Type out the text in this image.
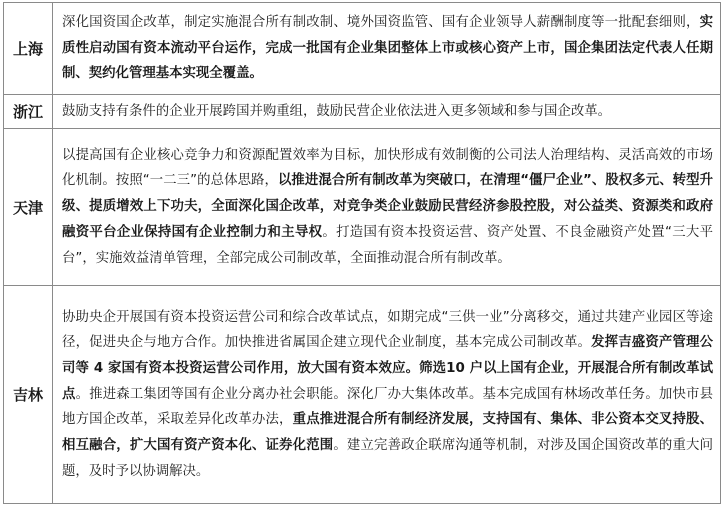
上海	深化国资国企改革，制定实施混合所有制改制、境外国资监管、国有企业领导人薪酬制度等一批配套细则，实质性启动国有资本流动平台运作，完成一批国有企业集团整体上市或核心资产上市，国企集团法定代表人任期制、契约化管理基本实现全覆盖。
浙江	鼓励支持有条件的企业开展跨国并购重组，鼓励民营企业依法进入更多领域和参与国企改革。
天津	以提高国有企业核心竞争力和资源配置效率为目标，加快形成有效制衡的公司法人治理结构、灵活高效的市场化机制。按照“一二三”的总体思路，以推进混合所有制改革为突破口，在清理“僵尸企业”、股权多元、转型升级、提质增效上下功夫，全面深化国企改革，对竞争类企业鼓励民营经济参股控股，对公益类、资源类和政府融资平台企业保持国有企业控制力和主导权。打造国有资本投资运营、资产处置、不良金融资产处置“三大平台”，实施效益清单管理，全部完成公司制改革，全面推动混合所有制改革。
吉林	协助央企开展国有资本投资运营公司和综合改革试点，如期完成“三供一业”分离移交，通过共建产业园区等途径，促进央企与地方合作。加快推进省属国企建立现代企业制度，基本完成公司制改革。发挥吉盛资产管理公司等 4 家国有资本投资运营公司作用，放大国有资本效应。筛选10 户以上国有企业，开展混合所有制改革试点。推进森工集团等国有企业分离办社会职能。深化厂办大集体改革。基本完成国有林场改革任务。加快市县地方国企改革，采取差异化改革办法，重点推进混合所有制经济发展，支持国有、集体、非公资本交叉持股、相互融合，扩大国有资产资本化、证券化范围。建立完善政企联席沟通等机制，对涉及国企国资改革的重大问题，及时予以协调解决。
